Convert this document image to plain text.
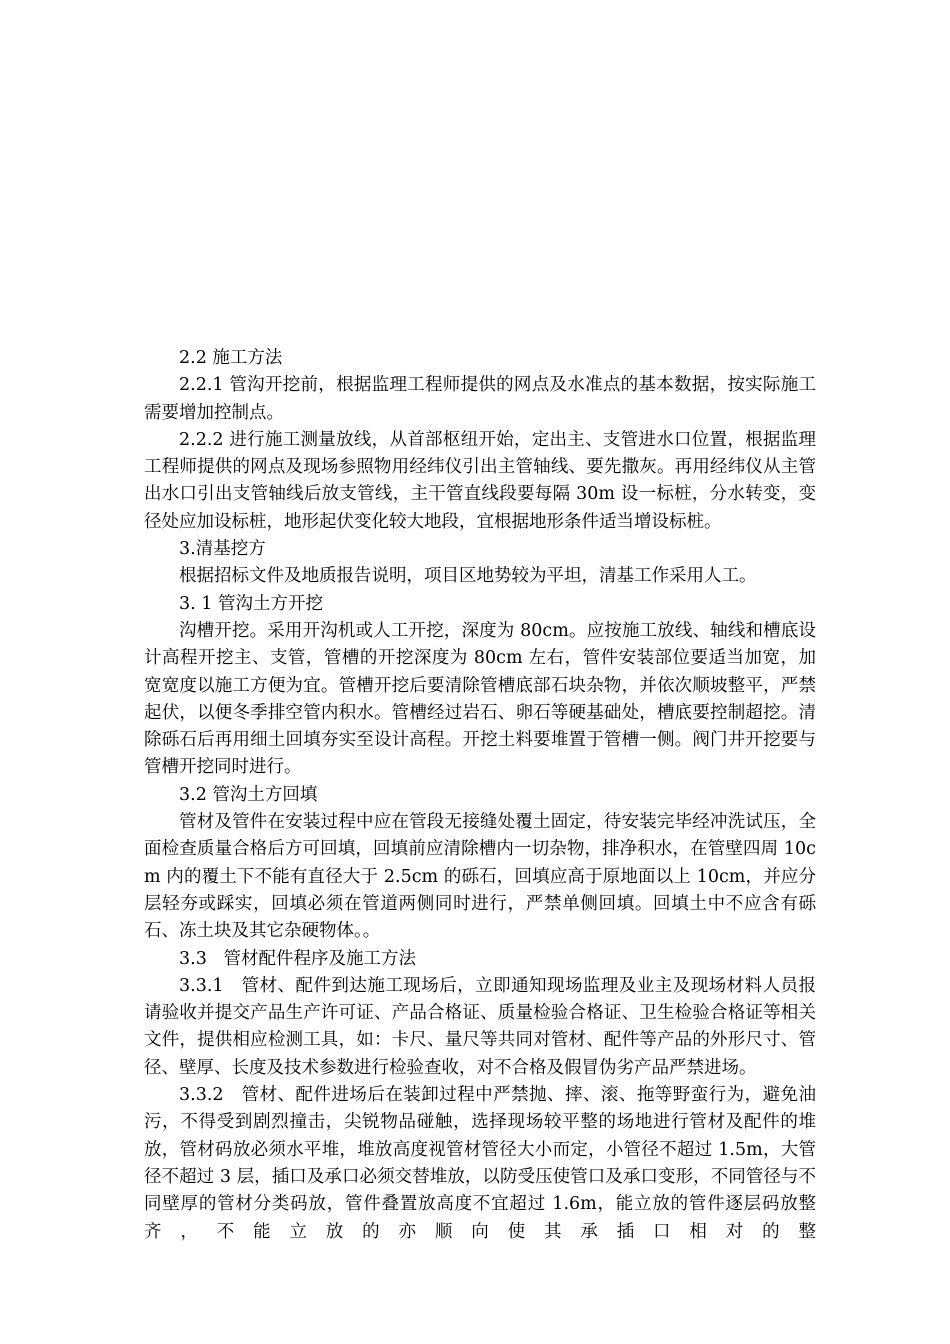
2.2 施工方法

2.2.1 管沟开挖前，根据监理工程师提供的网点及水准点的基本数据，按实际施工需要增加控制点。

2.2.2 进行施工测量放线，从首部枢纽开始，定出主、支管进水口位置，根据监理工程师提供的网点及现场参照物用经纬仪引出主管轴线、要先撒灰。再用经纬仪从主管出水口引出支管轴线后放支管线，主干管直线段要每隔 30m 设一标桩，分水转变，变径处应加设标桩，地形起伏变化较大地段，宜根据地形条件适当增设标桩。

3.清基挖方

根据招标文件及地质报告说明，项目区地势较为平坦，清基工作采用人工。

3. 1 管沟土方开挖

沟槽开挖。采用开沟机或人工开挖，深度为 80cm。应按施工放线、轴线和槽底设计高程开挖主、支管，管槽的开挖深度为 80cm 左右，管件安装部位要适当加宽，加宽宽度以施工方便为宜。管槽开挖后要清除管槽底部石块杂物，并依次顺坡整平，严禁起伏，以便冬季排空管内积水。管槽经过岩石、卵石等硬基础处，槽底要控制超挖。清除砾石后再用细土回填夯实至设计高程。开挖土料要堆置于管槽一侧。阀门井开挖要与管槽开挖同时进行。

3.2 管沟土方回填

管材及管件在安装过程中应在管段无接缝处覆土固定，待安装完毕经冲洗试压，全面检查质量合格后方可回填，回填前应清除槽内一切杂物，排净积水，在管壁四周 10cm 内的覆土下不能有直径大于 2.5cm 的砾石，回填应高于原地面以上 10cm，并应分层轻夯或踩实，回填必须在管道两侧同时进行，严禁单侧回填。回填土中不应含有砾石、冻土块及其它杂硬物体。。

3.3   管材配件程序及施工方法

3.3.1   管材、配件到达施工现场后，立即通知现场监理及业主及现场材料人员报请验收并提交产品生产许可证、产品合格证、质量检验合格证、卫生检验合格证等相关文件，提供相应检测工具，如：卡尺、量尺等共同对管材、配件等产品的外形尺寸、管径、壁厚、长度及技术参数进行检验查收，对不合格及假冒伪劣产品严禁进场。

3.3.2   管材、配件进场后在装卸过程中严禁抛、摔、滚、拖等野蛮行为，避免油污，不得受到剧烈撞击，尖锐物品碰触，选择现场较平整的场地进行管材及配件的堆放，管材码放必须水平堆，堆放高度视管材管径大小而定，小管径不超过 1.5m，大管径不超过 3 层，插口及承口必须交替堆放，以防受压使管口及承口变形，不同管径与不同壁厚的管材分类码放，管件叠置放高度不宜超过 1.6m，能立放的管件逐层码放整齐，不能立放的亦顺向使其承插口相对的整
